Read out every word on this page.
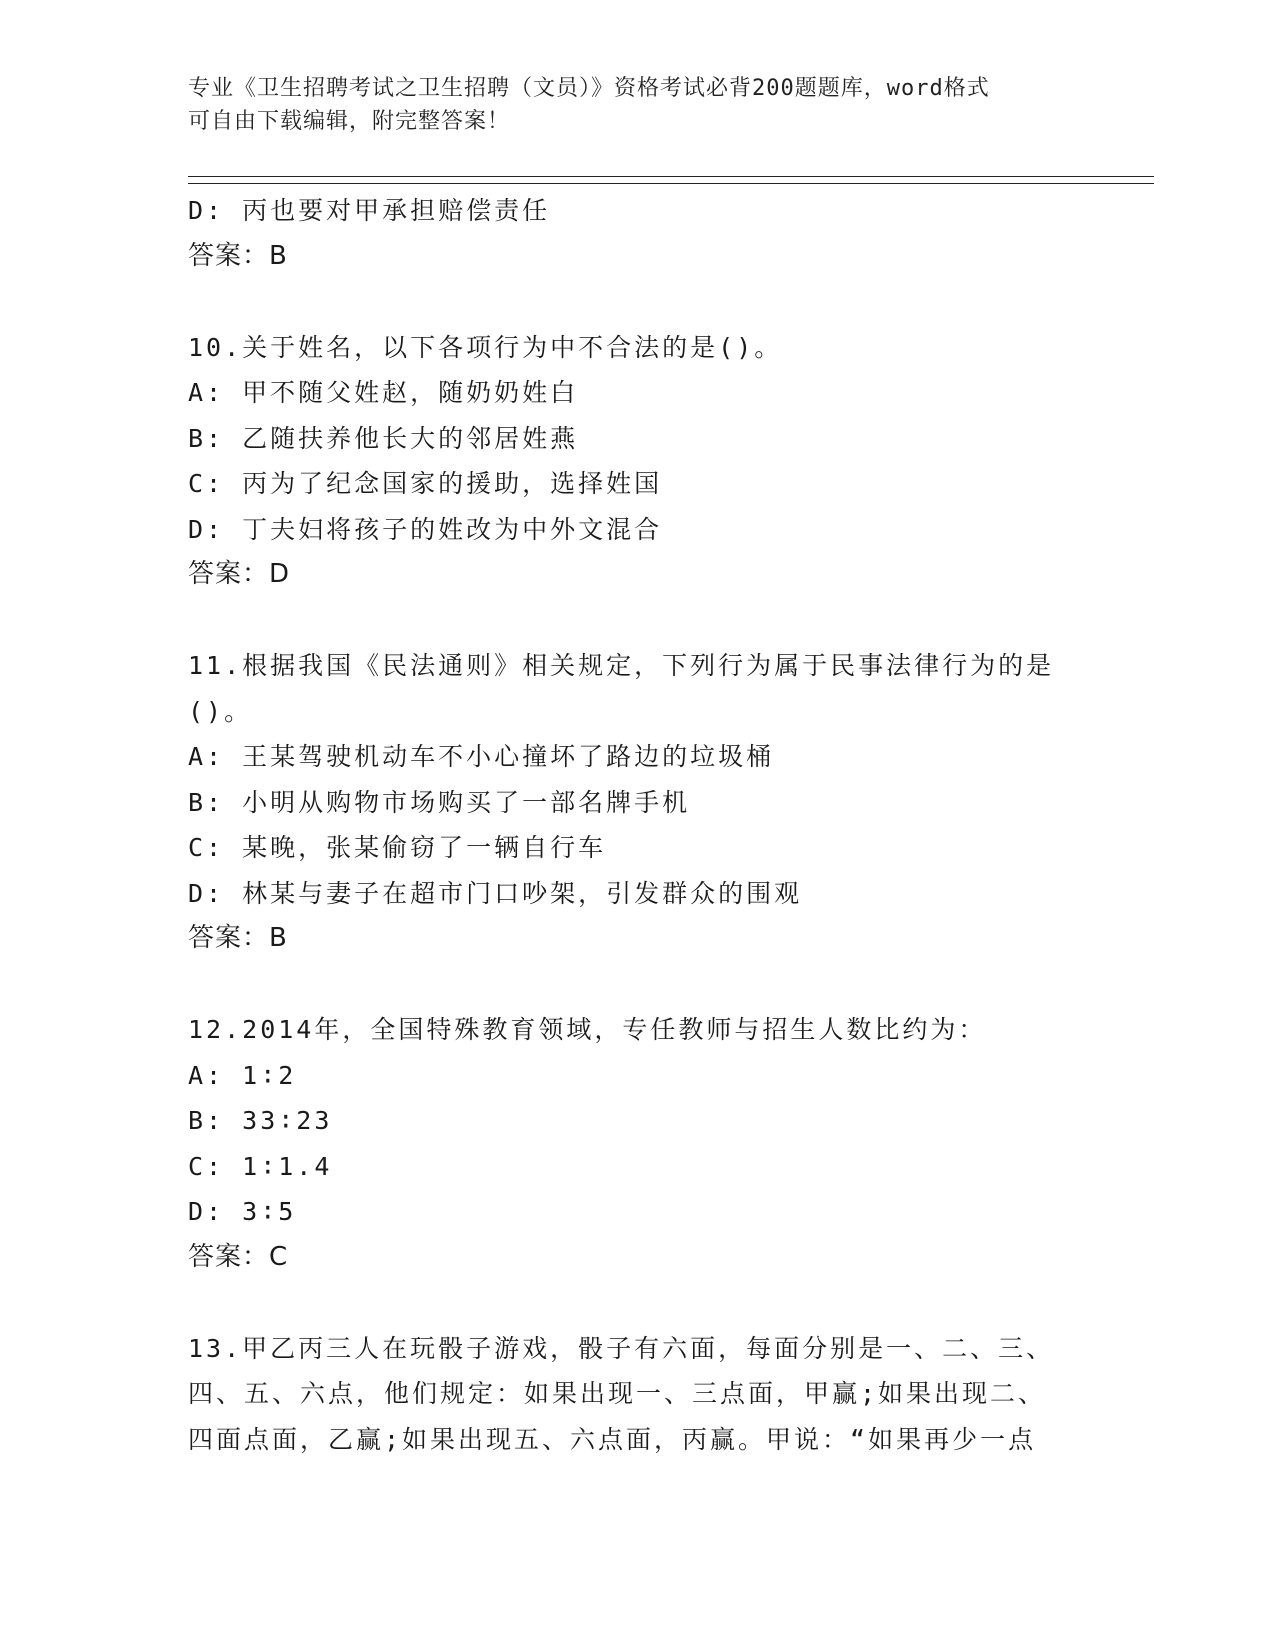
专业《卫生招聘考试之卫生招聘（文员）》资格考试必背200题题库，word格式
可自由下载编辑，附完整答案！
D: 丙也要对甲承担赔偿责任
答案：B
10.关于姓名，以下各项行为中不合法的是()。
A: 甲不随父姓赵，随奶奶姓白
B: 乙随扶养他长大的邻居姓燕
C: 丙为了纪念国家的援助，选择姓国
D: 丁夫妇将孩子的姓改为中外文混合
答案：D
11.根据我国《民法通则》相关规定，下列行为属于民事法律行为的是
()。
A: 王某驾驶机动车不小心撞坏了路边的垃圾桶
B: 小明从购物市场购买了一部名牌手机
C: 某晚，张某偷窃了一辆自行车
D: 林某与妻子在超市门口吵架，引发群众的围观
答案：B
12.2014年，全国特殊教育领域，专任教师与招生人数比约为：
A: 1∶2
B: 33∶23
C: 1∶1.4
D: 3∶5
答案：C
13.甲乙丙三人在玩骰子游戏，骰子有六面，每面分别是一、二、三、
四、五、六点，他们规定：如果出现一、三点面，甲赢;如果出现二、
四面点面，乙赢;如果出现五、六点面，丙赢。甲说：“如果再少一点
